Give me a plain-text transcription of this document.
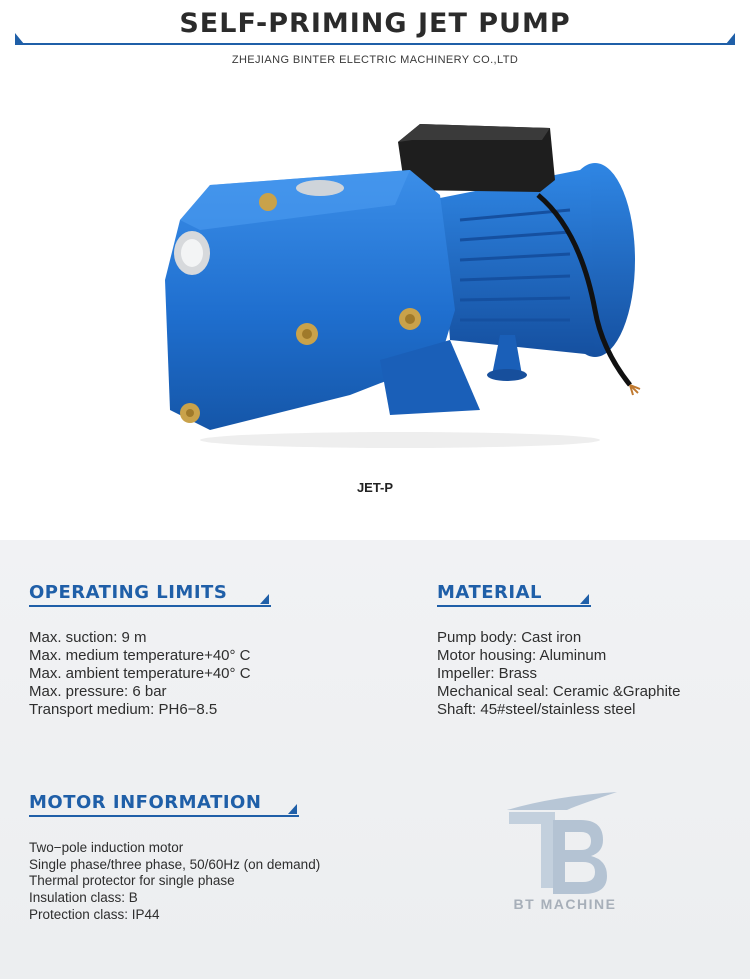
SELF-PRIMING JET PUMP
ZHEJIANG BINTER ELECTRIC MACHINERY CO.,LTD
JET-P
OPERATING LIMITS
Max. suction: 9 m
Max. medium temperature+40° C
Max. ambient temperature+40° C
Max. pressure: 6 bar
Transport medium: PH6−8.5
MATERIAL
Pump body: Cast iron
Motor housing: Aluminum
Impeller: Brass
Mechanical seal: Ceramic &Graphite
Shaft: 45#steel/stainless steel
MOTOR INFORMATION
Two−pole induction motor
Single phase/three phase, 50/60Hz (on demand)
Thermal protector for single phase
Insulation class: B
Protection class: IP44
BT MACHINE
